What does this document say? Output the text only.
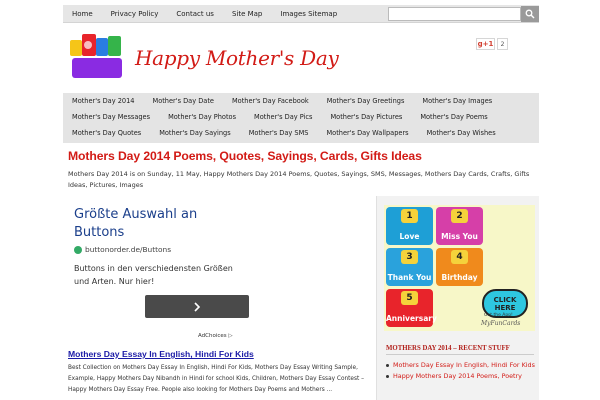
Home	Privacy Policy	Contact us	Site Map	Images Sitemap
Happy Mother's Day
g+1	2
Mother's Day 2014	Mother's Day Date	Mother's Day Facebook	Mother's Day Greetings	Mother's Day Images
Mother's Day Messages	Mother's Day Photos	Mother's Day Pics	Mother's Day Pictures	Mother's Day Poems
Mother's Day Quotes	Mother's Day Sayings	Mother's Day SMS	Mother's Day Wallpapers	Mother's Day Wishes
Mothers Day 2014 Poems, Quotes, Sayings, Cards, Gifts Ideas

Mothers Day 2014 is on Sunday, 11 May, Happy Mothers Day 2014 Poems, Quotes, Sayings, SMS, Messages, Mothers Day Cards, Crafts, Gifts Ideas, Pictures, Images

Größte Auswahl an Buttons
buttonorder.de/Buttons
Buttons in den verschiedensten Größen und Arten. Nur hier!
AdChoices ▷
Mothers Day Essay In English, Hindi For Kids

Best Collection on Mothers Day Essay In English, Hindi For Kids, Mothers Day Essay Writing Sample, Example, Happy Mothers Day Nibandh in Hindi for school Kids, Children, Mothers Day Essay Contest – Happy Mothers Day Essay Free. People also looking for Mothers Day Poems and Mothers ...

1
Love
2
Miss You
3
Thank You
4
Birthday
5
Anniversary
CLICK HERE
Get the App!
MyFunCards
MOTHERS DAY 2014 – RECENT STUFF
Mothers Day Essay In English, Hindi For Kids
Happy Mothers Day 2014 Poems, Poetry
